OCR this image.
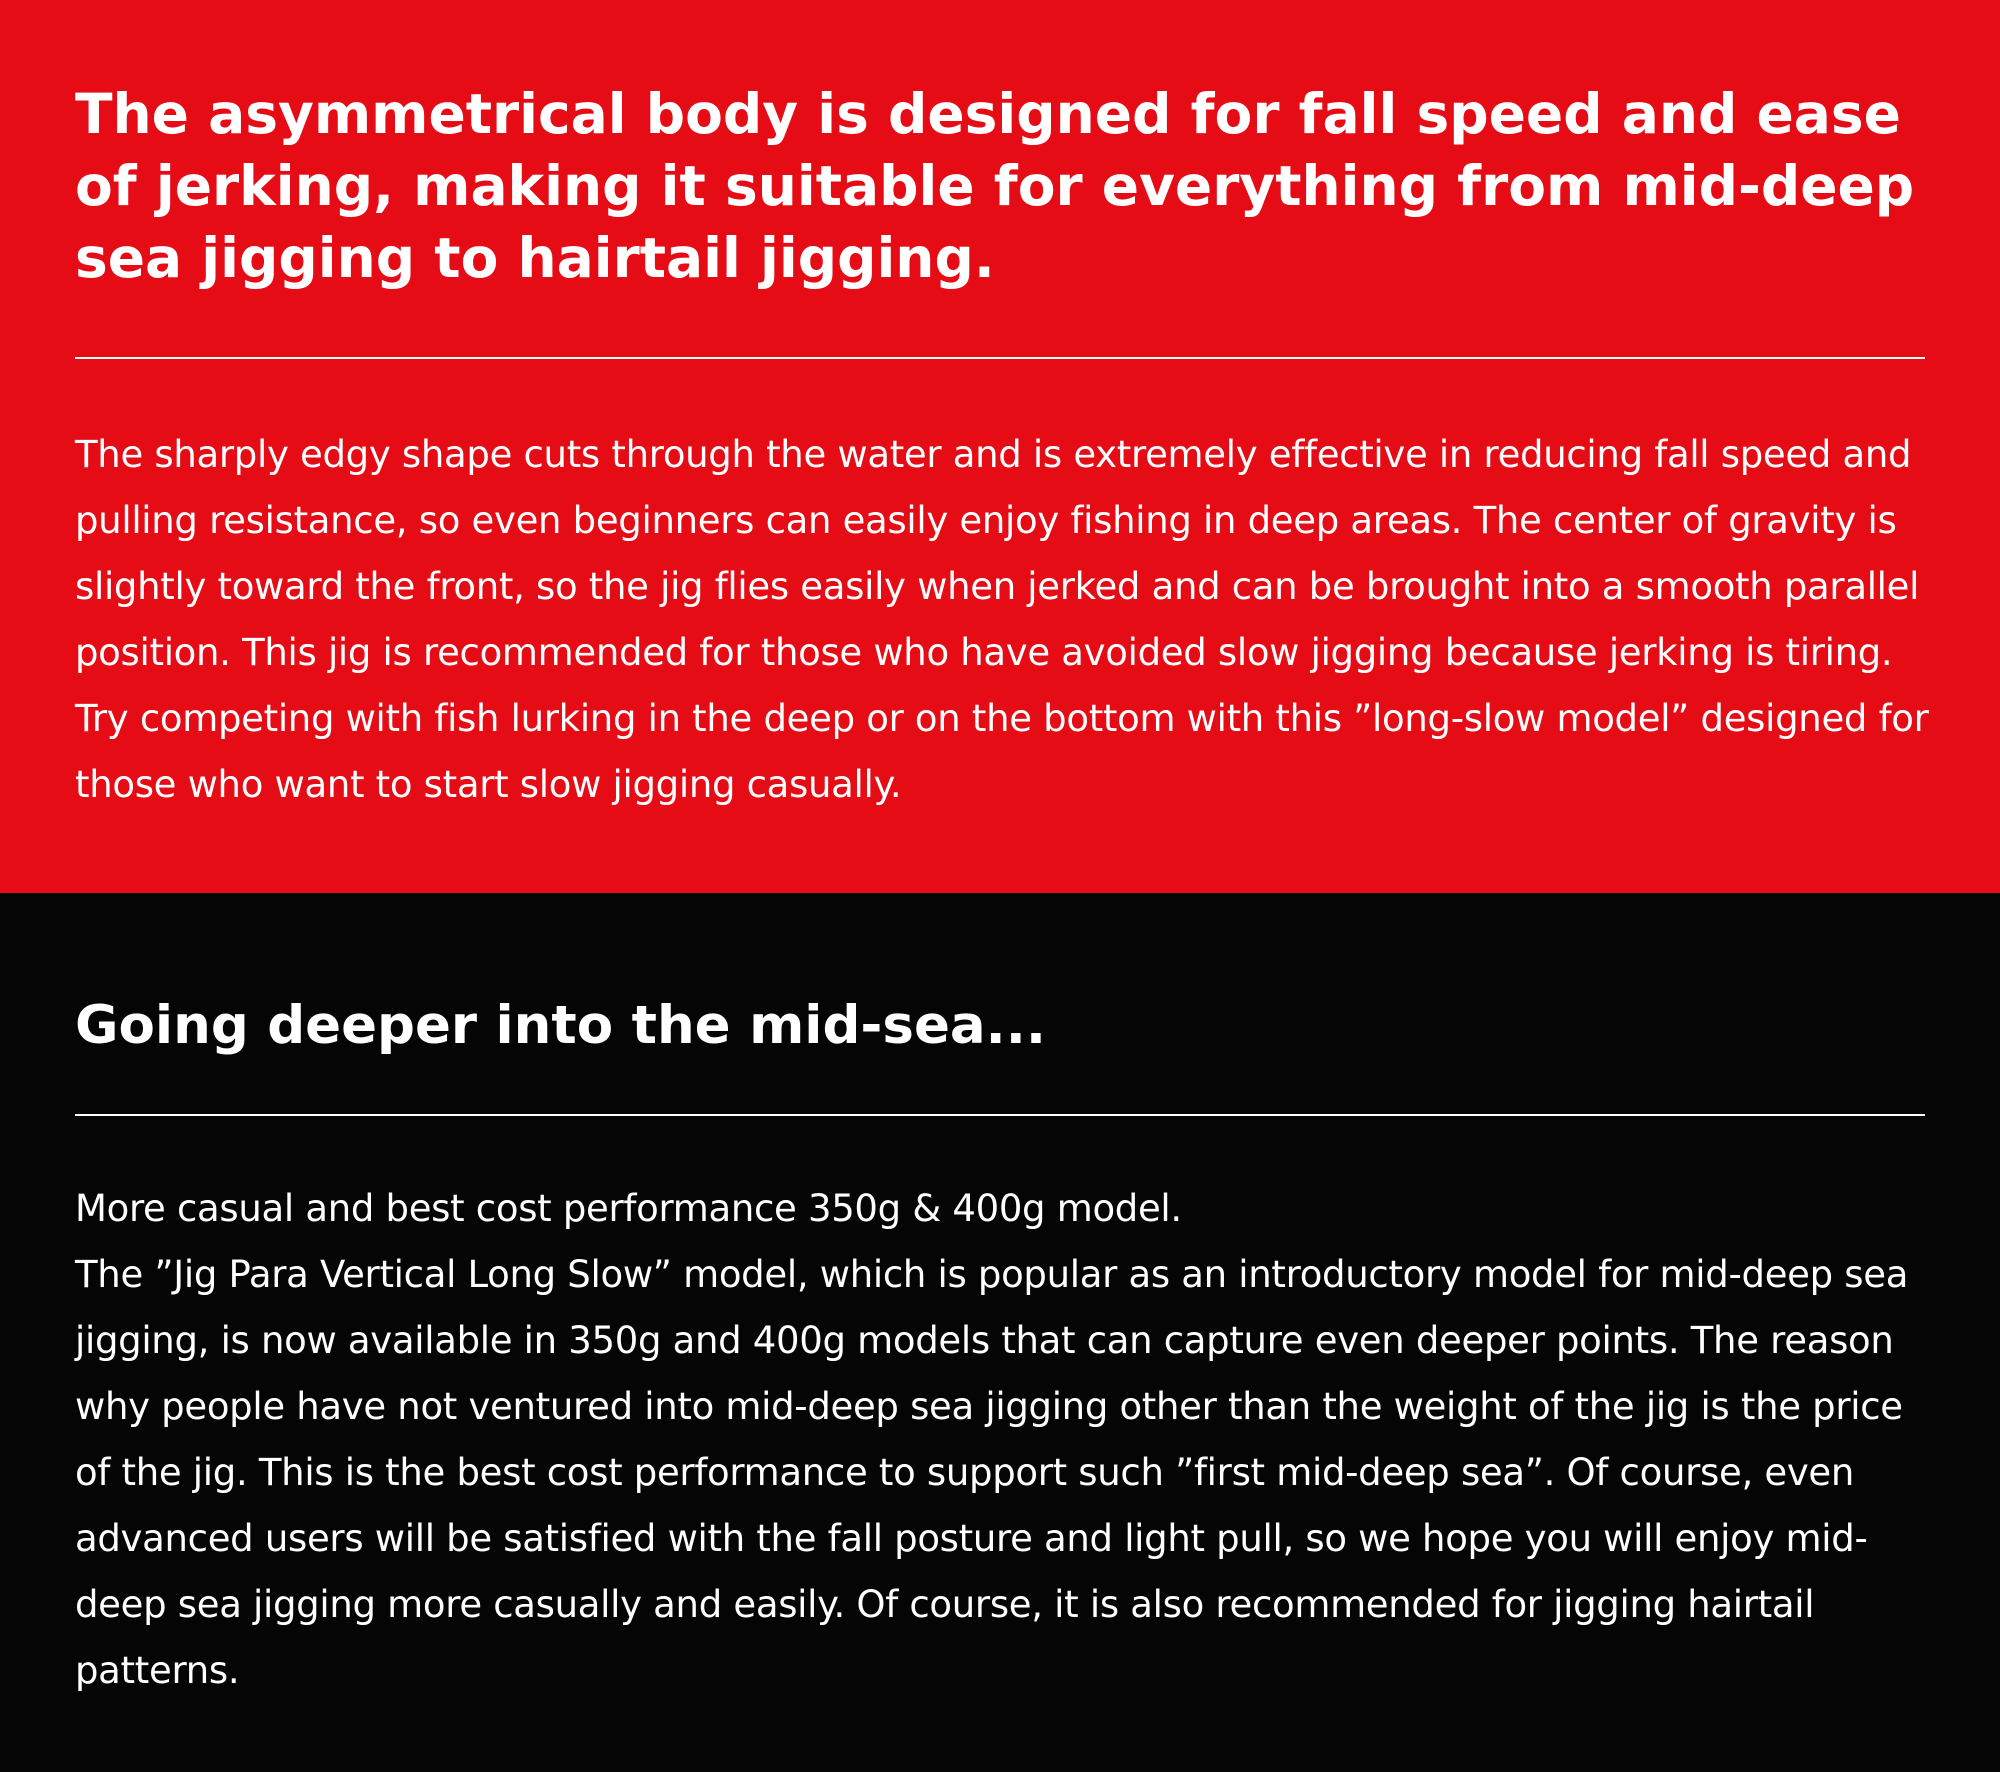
The asymmetrical body is designed for fall speed and ease of jerking, making it suitable for everything from mid-deep sea jigging to hairtail jigging.

The sharply edgy shape cuts through the water and is extremely effective in reducing fall speed and pulling resistance, so even beginners can easily enjoy fishing in deep areas. The center of gravity is slightly toward the front, so the jig flies easily when jerked and can be brought into a smooth parallel position. This jig is recommended for those who have avoided slow jigging because jerking is tiring. Try competing with fish lurking in the deep or on the bottom with this ”long-slow model” designed for those who want to start slow jigging casually.

Going deeper into the mid-sea...

More casual and best cost performance 350g & 400g model.
The ”Jig Para Vertical Long Slow” model, which is popular as an introductory model for mid-deep sea jigging, is now available in 350g and 400g models that can capture even deeper points. The reason why people have not ventured into mid-deep sea jigging other than the weight of the jig is the price of the jig. This is the best cost performance to support such ”first mid-deep sea”. Of course, even advanced users will be satisfied with the fall posture and light pull, so we hope you will enjoy mid-deep sea jigging more casually and easily. Of course, it is also recommended for jigging hairtail patterns.
